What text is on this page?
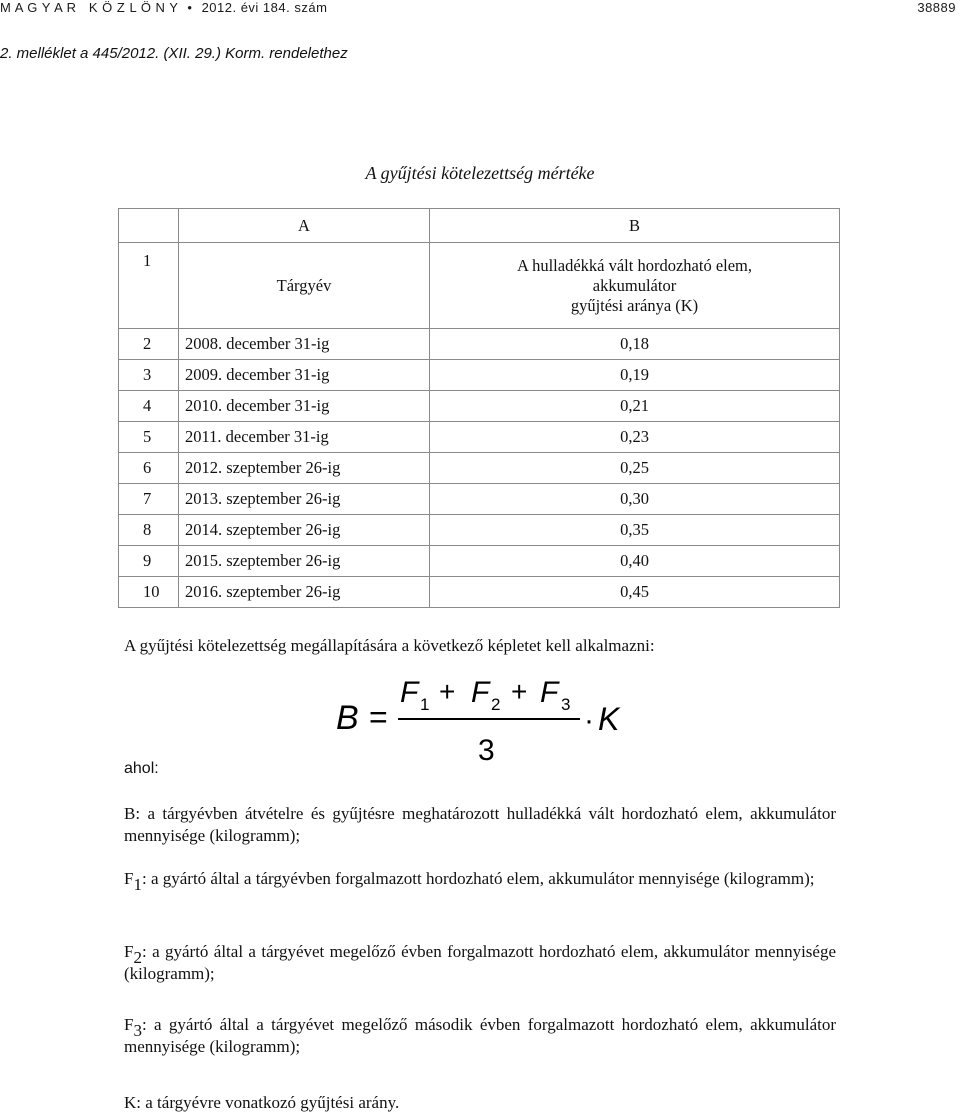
M A G Y A R   K Ö Z L Ö N Y • 2012. évi 184. szám	38889
2. melléklet a 445/2012. (XII. 29.) Korm. rendelethez
A gyűjtési kötelezettség mértéke
	A	B
1	Tárgyév	A hulladékká vált hordozható elem,
akkumulátor
gyűjtési aránya (K)

2	2008. december 31-ig	0,18
3	2009. december 31-ig	0,19
4	2010. december 31-ig	0,21
5	2011. december 31-ig	0,23
6	2012. szeptember 26-ig	0,25
7	2013. szeptember 26-ig	0,30
8	2014. szeptember 26-ig	0,35
9	2015. szeptember 26-ig	0,40
10	2016. szeptember 26-ig	0,45
A gyűjtési kötelezettség megállapítására a következő képletet kell alkalmazni:
B =
F 1 + F 2 + F 3
3
· K
ahol:
B: a tárgyévben átvételre és gyűjtésre meghatározott hulladékká vált hordozható elem, akkumulátor mennyisége (kilogramm);
F1: a gyártó által a tárgyévben forgalmazott hordozható elem, akkumulátor mennyisége (kilogramm);
F2: a gyártó által a tárgyévet megelőző évben forgalmazott hordozható elem, akkumulátor mennyisége (kilogramm);
F3: a gyártó által a tárgyévet megelőző második évben forgalmazott hordozható elem, akkumulátor mennyisége (kilogramm);
K: a tárgyévre vonatkozó gyűjtési arány.
